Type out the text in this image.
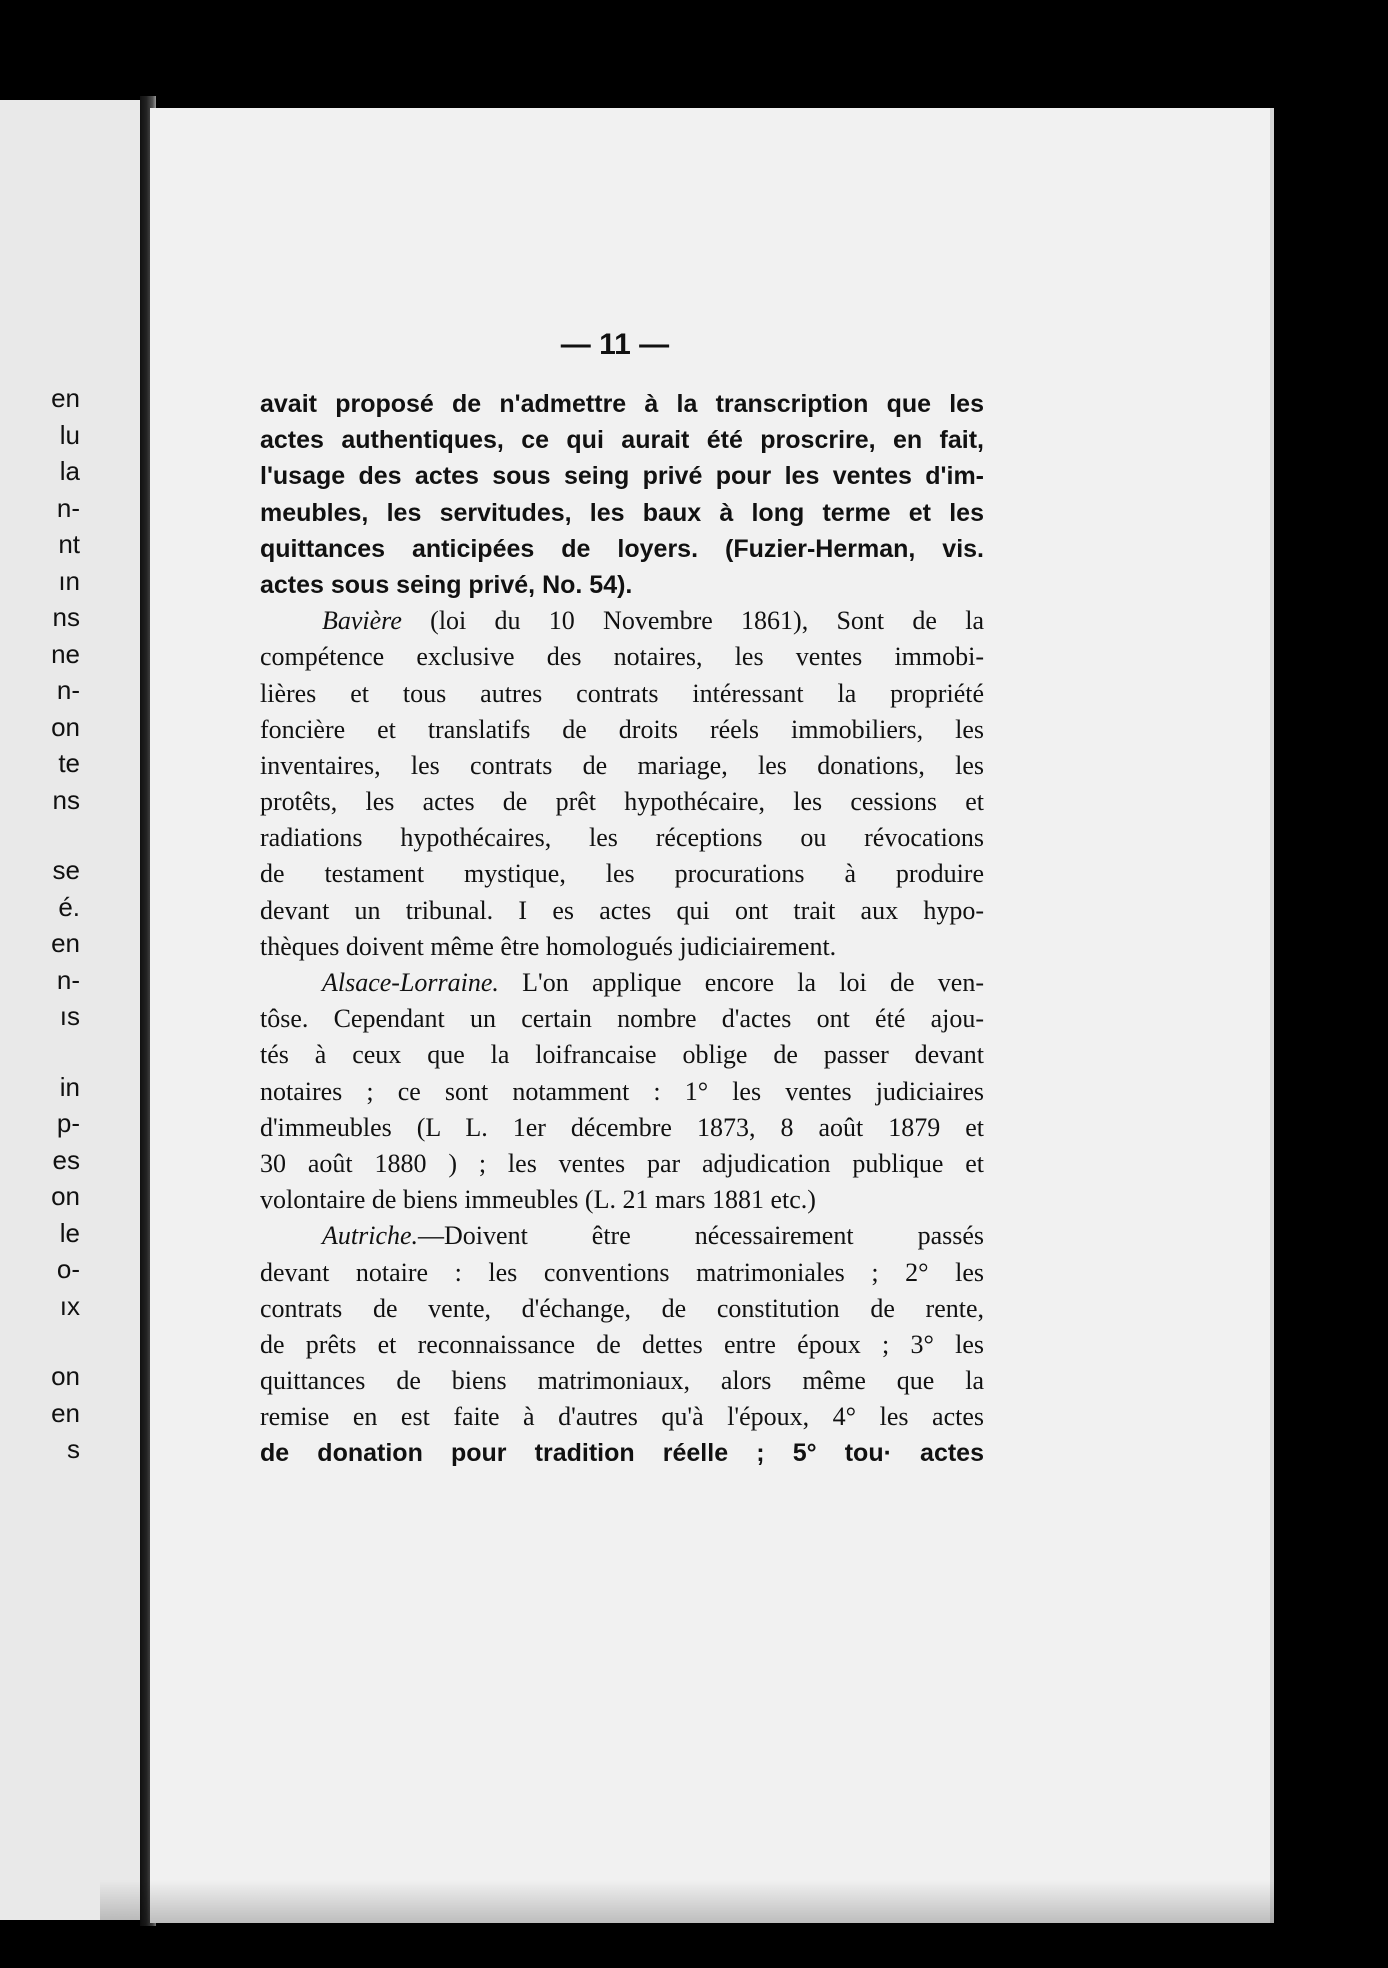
en
lu
la
n-
nt
ın
ns
ne
n-
on
te
ns
se
é.
en
n-
ıs
in
p-
es
on
le
o-
ıx
on
en
s
— 11 —
avait proposé de n'admettre à la transcription que les
actes authentiques, ce qui aurait été proscrire, en fait,
l'usage des actes sous seing privé pour les ventes d'im-
meubles, les servitudes, les baux à long terme et les
quittances anticipées de loyers. (Fuzier-Herman, vis.
actes sous seing privé, No. 54).
Bavière (loi du 10 Novembre 1861), Sont de la
compétence exclusive des notaires, les ventes immobi-
lières et tous autres contrats intéressant la propriété
foncière et translatifs de droits réels immobiliers, les
inventaires, les contrats de mariage, les donations, les
protêts, les actes de prêt hypothécaire, les cessions et
radiations hypothécaires, les réceptions ou révocations
de testament mystique, les procurations à produire
devant un tribunal. I es actes qui ont trait aux hypo-
thèques doivent même être homologués judiciairement.
Alsace-Lorraine. L'on applique encore la loi de ven-
tôse. Cependant un certain nombre d'actes ont été ajou-
tés à ceux que la loifrancaise oblige de passer devant
notaires ; ce sont notamment : 1° les ventes judiciaires
d'immeubles (L L. 1er décembre 1873, 8 août 1879 et
30 août 1880 ) ; les ventes par adjudication publique et
volontaire de biens immeubles (L. 21 mars 1881 etc.)
Autriche.—Doivent être nécessairement passés
devant notaire : les conventions matrimoniales ; 2° les
contrats de vente, d'échange, de constitution de rente,
de prêts et reconnaissance de dettes entre époux ; 3° les
quittances de biens matrimoniaux, alors même que la
remise en est faite à d'autres qu'à l'époux, 4° les actes
de donation pour tradition réelle ; 5° tou· actes
